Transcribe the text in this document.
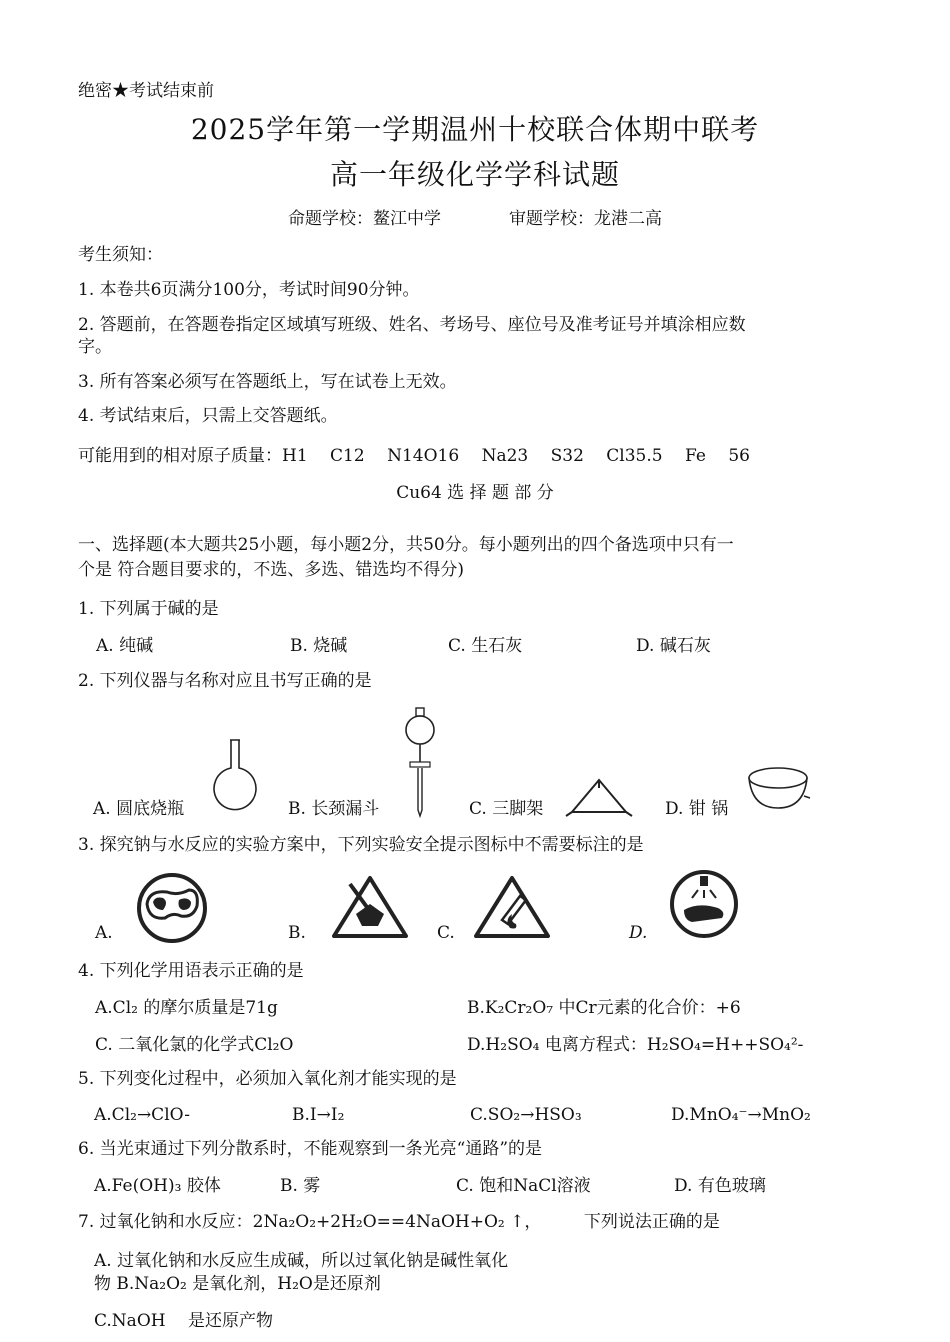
绝密★考试结束前
2025学年第一学期温州十校联合体期中联考
高一年级化学学科试题
命题学校：鳌江中学　　　　审题学校：龙港二高
考生须知：
1. 本卷共6页满分100分，考试时间90分钟。
2. 答题前，在答题卷指定区域填写班级、姓名、考场号、座位号及准考证号并填涂相应数
字。
3. 所有答案必须写在答题纸上，写在试卷上无效。
4. 考试结束后，只需上交答题纸。
可能用到的相对原子质量：H1　 C12　 N14O16　 Na23　 S32　 Cl35.5　 Fe　 56
Cu64 选 择 题 部 分
一、选择题(本大题共25小题，每小题2分，共50分。每小题列出的四个备选项中只有一
个是 符合题目要求的，不选、多选、错选均不得分)
1. 下列属于碱的是
A. 纯碱	B. 烧碱	C. 生石灰	D. 碱石灰
2. 下列仪器与名称对应且书写正确的是
A. 圆底烧瓶	B. 长颈漏斗	C. 三脚架	D. 钳 锅
3. 探究钠与水反应的实验方案中，下列实验安全提示图标中不需要标注的是
A.	B.	C.	D.
4. 下列化学用语表示正确的是
A.Cl₂ 的摩尔质量是71g	B.K₂Cr₂O₇ 中Cr元素的化合价：+6
C. 二氧化氯的化学式Cl₂O	D.H₂SO₄ 电离方程式：H₂SO₄=H++SO₄²-
5. 下列变化过程中，必须加入氧化剂才能实现的是
A.Cl₂→ClO-	B.I→I₂	C.SO₂→HSO₃	D.MnO₄⁻→MnO₂
6. 当光束通过下列分散系时，不能观察到一条光亮“通路”的是
A.Fe(OH)₃ 胶体	B. 雾	C. 饱和NaCl溶液	D. 有色玻璃
7. 过氧化钠和水反应：2Na₂O₂+2H₂O==4NaOH+O₂ ↑，　　　下列说法正确的是
A. 过氧化钠和水反应生成碱，所以过氧化钠是碱性氧化
物 B.Na₂O₂ 是氧化剂，H₂O是还原剂
C.NaOH　 是还原产物
